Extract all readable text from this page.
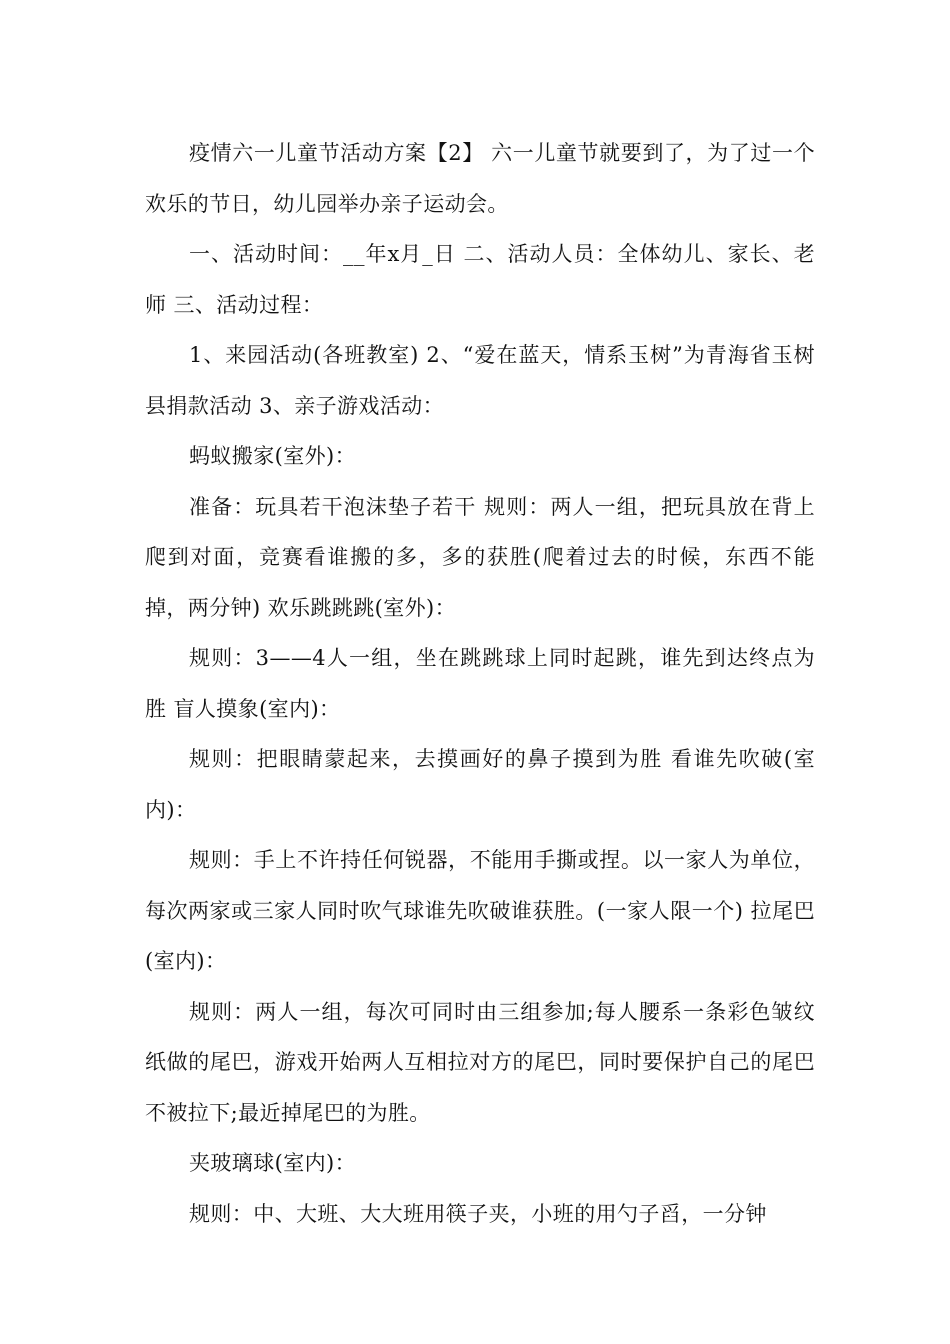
疫情六一儿童节活动方案【2】 六一儿童节就要到了，为了过一个欢乐的节日，幼儿园举办亲子运动会。

一、活动时间：__年x月_日 二、活动人员：全体幼儿、家长、老师 三、活动过程：

1、来园活动(各班教室) 2、“爱在蓝天，情系玉树”为青海省玉树县捐款活动 3、亲子游戏活动：

蚂蚁搬家(室外)：

准备：玩具若干泡沫垫子若干 规则：两人一组，把玩具放在背上爬到对面，竞赛看谁搬的多，多的获胜(爬着过去的时候，东西不能掉，两分钟) 欢乐跳跳跳(室外)：

规则：3——4人一组，坐在跳跳球上同时起跳，谁先到达终点为胜 盲人摸象(室内)：

规则：把眼睛蒙起来，去摸画好的鼻子摸到为胜 看谁先吹破(室内)：

规则：手上不许持任何锐器，不能用手撕或捏。以一家人为单位，每次两家或三家人同时吹气球谁先吹破谁获胜。(一家人限一个) 拉尾巴(室内)：

规则：两人一组，每次可同时由三组参加;每人腰系一条彩色皱纹纸做的尾巴，游戏开始两人互相拉对方的尾巴，同时要保护自己的尾巴不被拉下;最近掉尾巴的为胜。

夹玻璃球(室内)：

规则：中、大班、大大班用筷子夹，小班的用勺子舀，一分钟
